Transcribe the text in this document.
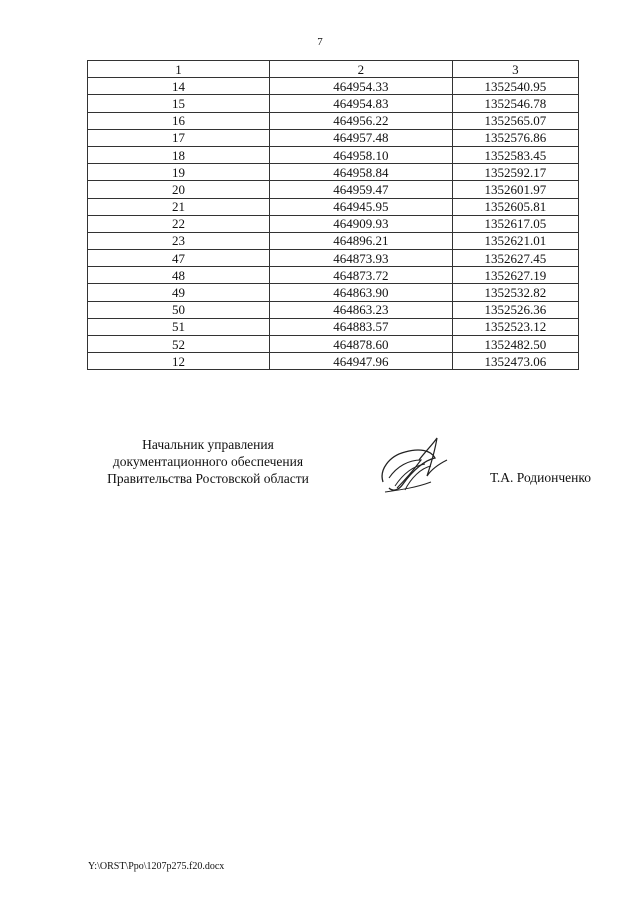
7
1	2	3
14	464954.33	1352540.95
15	464954.83	1352546.78
16	464956.22	1352565.07
17	464957.48	1352576.86
18	464958.10	1352583.45
19	464958.84	1352592.17
20	464959.47	1352601.97
21	464945.95	1352605.81
22	464909.93	1352617.05
23	464896.21	1352621.01
47	464873.93	1352627.45
48	464873.72	1352627.19
49	464863.90	1352532.82
50	464863.23	1352526.36
51	464883.57	1352523.12
52	464878.60	1352482.50
12	464947.96	1352473.06
Начальник управления
документационного обеспечения
Правительства Ростовской области	Т.А. Родионченко
Y:\ORST\Ppo\1207p275.f20.docx
